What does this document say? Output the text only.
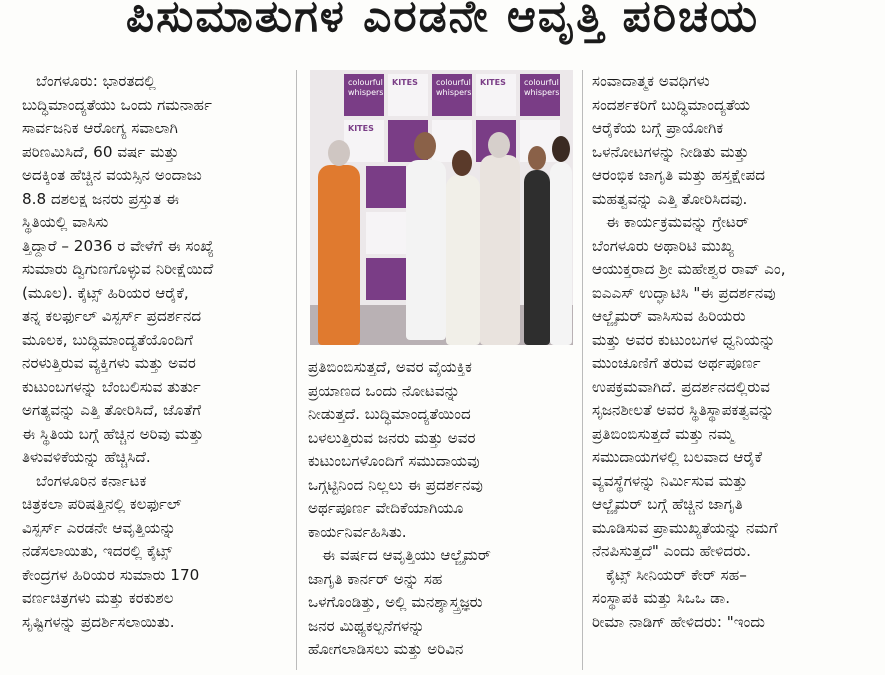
ಪಿಸುಮಾತುಗಳ ಎರಡನೇ ಆವೃತ್ತಿ ಪರಿಚಯ
ಬೆಂಗಳೂರು: ಭಾರತದಲ್ಲಿ
ಬುದ್ಧಿಮಾಂದ್ಯತೆಯು ಒಂದು ಗಮನಾರ್ಹ
ಸಾರ್ವಜನಿಕ ಆರೋಗ್ಯ ಸವಾಲಾಗಿ
ಪರಿಣಮಿಸಿದೆ, 60 ವರ್ಷ ಮತ್ತು
ಅದಕ್ಕಿಂತ ಹೆಚ್ಚಿನ ವಯಸ್ಸಿನ ಅಂದಾಜು
8.8 ದಶಲಕ್ಷ ಜನರು ಪ್ರಸ್ತುತ ಈ
ಸ್ಥಿತಿಯಲ್ಲಿ ವಾಸಿಸು
ತ್ತಿದ್ದಾರೆ – 2036 ರ ವೇಳೆಗೆ ಈ ಸಂಖ್ಯೆ
ಸುಮಾರು ದ್ವಿಗುಣಗೊಳ್ಳುವ ನಿರೀಕ್ಷೆಯಿದೆ
(ಮೂಲ). ಕೈಟ್ಸ್ ಹಿರಿಯರ ಆರೈಕೆ,
ತನ್ನ ಕಲರ್ಫುಲ್ ವಿಸ್ಪರ್ಸ್ ಪ್ರದರ್ಶನದ
ಮೂಲಕ, ಬುದ್ಧಿಮಾಂದ್ಯತೆಯೊಂದಿಗೆ
ನರಳುತ್ತಿರುವ ವ್ಯಕ್ತಿಗಳು ಮತ್ತು ಅವರ
ಕುಟುಂಬಗಳನ್ನು ಬೆಂಬಲಿಸುವ ತುರ್ತು
ಅಗತ್ಯವನ್ನು ಎತ್ತಿ ತೋರಿಸಿದೆ, ಜೊತೆಗೆ
ಈ ಸ್ಥಿತಿಯ ಬಗ್ಗೆ ಹೆಚ್ಚಿನ ಅರಿವು ಮತ್ತು
ತಿಳುವಳಿಕೆಯನ್ನು ಹೆಚ್ಚಿಸಿದೆ.
ಬೆಂಗಳೂರಿನ ಕರ್ನಾಟಕ
ಚಿತ್ರಕಲಾ ಪರಿಷತ್ತಿನಲ್ಲಿ ಕಲರ್ಫುಲ್
ವಿಸ್ಪರ್ಸ್ ಎರಡನೇ ಆವೃತ್ತಿಯನ್ನು
ನಡೆಸಲಾಯಿತು, ಇದರಲ್ಲಿ ಕೈಟ್ಸ್
ಕೇಂದ್ರಗಳ ಹಿರಿಯರ ಸುಮಾರು 170
ವರ್ಣಚಿತ್ರಗಳು ಮತ್ತು ಕರಕುಶಲ
ಸೃಷ್ಟಿಗಳನ್ನು ಪ್ರದರ್ಶಿಸಲಾಯಿತು.
colourful whispers
KITES	colourful whispers
KITES	colourful whispers
KITES
ಪ್ರತಿಬಿಂಬಿಸುತ್ತದೆ, ಅವರ ವೈಯಕ್ತಿಕ
ಪ್ರಯಾಣದ ಒಂದು ನೋಟವನ್ನು
ನೀಡುತ್ತದೆ. ಬುದ್ಧಿಮಾಂದ್ಯತೆಯಿಂದ
ಬಳಲುತ್ತಿರುವ ಜನರು ಮತ್ತು ಅವರ
ಕುಟುಂಬಗಳೊಂದಿಗೆ ಸಮುದಾಯವು
ಒಗ್ಗಟ್ಟಿನಿಂದ ನಿಲ್ಲಲು ಈ ಪ್ರದರ್ಶನವು
ಅರ್ಥಪೂರ್ಣ ವೇದಿಕೆಯಾಗಿಯೂ
ಕಾರ್ಯನಿರ್ವಹಿಸಿತು.
ಈ ವರ್ಷದ ಆವೃತ್ತಿಯು ಆಲ್ಜೈಮರ್
ಜಾಗೃತಿ ಕಾರ್ನರ್ ಅನ್ನು ಸಹ
ಒಳಗೊಂಡಿತ್ತು, ಅಲ್ಲಿ ಮನಶ್ಶಾಸ್ತ್ರಜ್ಞರು
ಜನರ ಮಿಥ್ಯಕಲ್ಪನೆಗಳನ್ನು
ಹೋಗಲಾಡಿಸಲು ಮತ್ತು ಅರಿವಿನ
ಸಂವಾದಾತ್ಮಕ ಅವಧಿಗಳು
ಸಂದರ್ಶಕರಿಗೆ ಬುದ್ಧಿಮಾಂದ್ಯತೆಯ
ಆರೈಕೆಯ ಬಗ್ಗೆ ಪ್ರಾಯೋಗಿಕ
ಒಳನೋಟಗಳನ್ನು ನೀಡಿತು ಮತ್ತು
ಆರಂಭಿಕ ಜಾಗೃತಿ ಮತ್ತು ಹಸ್ತಕ್ಷೇಪದ
ಮಹತ್ವವನ್ನು ಎತ್ತಿ ತೋರಿಸಿದವು.
ಈ ಕಾರ್ಯಕ್ರಮವನ್ನು ಗ್ರೇಟರ್
ಬೆಂಗಳೂರು ಅಥಾರಿಟಿ ಮುಖ್ಯ
ಆಯುಕ್ತರಾದ ಶ್ರೀ ಮಹೇಶ್ವರ ರಾವ್ ಎಂ,
ಐಎಎಸ್ ಉದ್ಘಾಟಿಸಿ "ಈ ಪ್ರದರ್ಶನವು
ಆಲ್ಜೈಮರ್ ವಾಸಿಸುವ ಹಿರಿಯರು
ಮತ್ತು ಅವರ ಕುಟುಂಬಗಳ ಧ್ವನಿಯನ್ನು
ಮುಂಚೂಣಿಗೆ ತರುವ ಅರ್ಥಪೂರ್ಣ
ಉಪಕ್ರಮವಾಗಿದೆ. ಪ್ರದರ್ಶನದಲ್ಲಿರುವ
ಸೃಜನಶೀಲತೆ ಅವರ ಸ್ಥಿತಿಸ್ಥಾಪಕತ್ವವನ್ನು
ಪ್ರತಿಬಿಂಬಿಸುತ್ತದೆ ಮತ್ತು ನಮ್ಮ
ಸಮುದಾಯಗಳಲ್ಲಿ ಬಲವಾದ ಆರೈಕೆ
ವ್ಯವಸ್ಥೆಗಳನ್ನು ನಿರ್ಮಿಸುವ ಮತ್ತು
ಆಲ್ಜೈಮರ್ ಬಗ್ಗೆ ಹೆಚ್ಚಿನ ಜಾಗೃತಿ
ಮೂಡಿಸುವ ಪ್ರಾಮುಖ್ಯತೆಯನ್ನು ನಮಗೆ
ನೆನಪಿಸುತ್ತದೆ" ಎಂದು ಹೇಳಿದರು.
ಕೈಟ್ಸ್ ಸೀನಿಯರ್ ಕೇರ್ ಸಹ–
ಸಂಸ್ಥಾಪಕಿ ಮತ್ತು ಸಿಒಒ ಡಾ.
ರೀಮಾ ನಾಡಿಗ್ ಹೇಳಿದರು: "ಇಂದು
